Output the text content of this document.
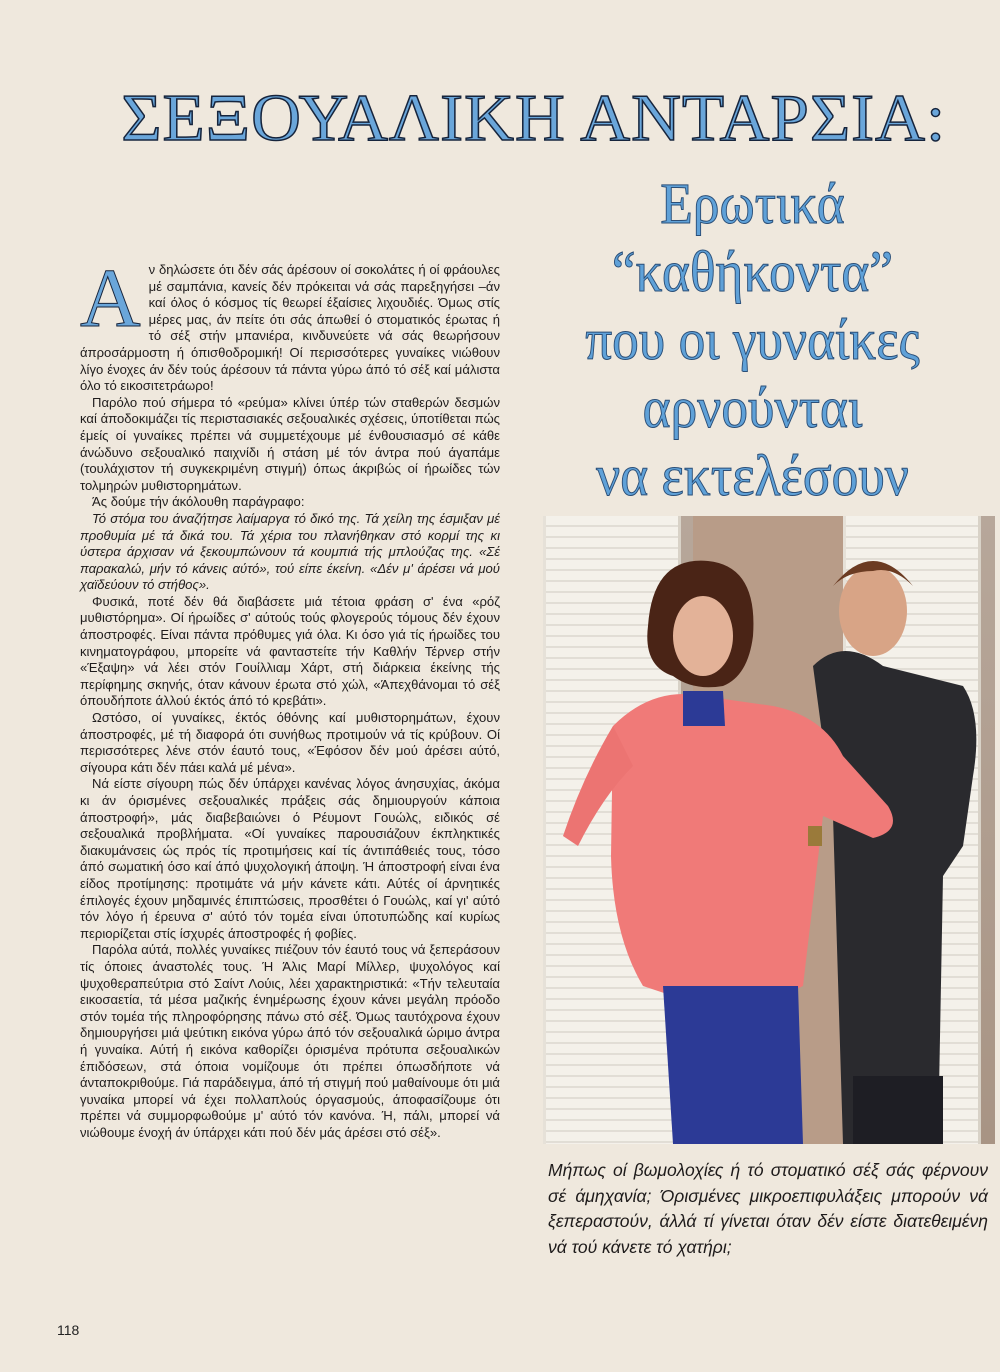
ΣΕΞΟΥΑΛΙΚΗ ΑΝΤΑΡΣΙΑ:
Ερωτικά
“καθήκοντα”
που οι γυναίκες
αρνούνται
να εκτελέσουν
Α ν δηλώσετε ότι δέν σάς άρέσουν οί σοκολάτες ή οί φράουλες μέ σαμπάνια, κανείς δέν πρόκειται νά σάς παρεξηγήσει –άν καί όλος ό κόσμος τίς θεωρεί έξαίσιες λιχουδιές. Όμως στίς μέρες μας, άν πείτε ότι σάς άπωθεί ό στοματικός έρωτας ή τό σέξ στήν μπανιέρα, κινδυνεύετε νά σάς θεωρήσουν άπροσάρμοστη ή όπισθοδρομική! Οί περισσότερες γυναίκες νιώθουν λίγο ένοχες άν δέν τούς άρέσουν τά πάντα γύρω άπό τό σέξ καί μάλιστα όλο τό εικοσιτετράωρο!

Παρόλο πού σήμερα τό «ρεύμα» κλίνει ύπέρ τών σταθερών δεσμών καί άποδοκιμάζει τίς περιστασιακές σεξουαλικές σχέσεις, ύποτίθεται πώς έμείς οί γυναίκες πρέπει νά συμμετέχουμε μέ ένθουσιασμό σέ κάθε άνώδυνο σεξουαλικό παιχνίδι ή στάση μέ τόν άντρα πού άγαπάμε (τουλάχιστον τή συγκεκριμένη στιγμή) όπως άκριβώς οί ήρωίδες τών τολμηρών μυθιστορημάτων.

Άς δούμε τήν άκόλουθη παράγραφο:

Τό στόμα του άναζήτησε λαίμαργα τό δικό της. Τά χείλη της έσμιξαν μέ προθυμία μέ τά δικά του. Τά χέρια του πλανήθηκαν στό κορμί της κι ύστερα άρχισαν νά ξεκουμπώνουν τά κουμπιά τής μπλούζας της. «Σέ παρακαλώ, μήν τό κάνεις αύτό», τού είπε έκείνη. «Δέν μ' άρέσει νά μού χαϊδεύουν τό στήθος».

Φυσικά, ποτέ δέν θά διαβάσετε μιά τέτοια φράση σ' ένα «ρόζ μυθιστόρημα». Οί ήρωίδες σ' αύτούς τούς φλογερούς τόμους δέν έχουν άποστροφές. Είναι πάντα πρόθυμες γιά όλα. Κι όσο γιά τίς ήρωίδες του κινηματογράφου, μπορείτε νά φανταστείτε τήν Καθλήν Τέρνερ στήν «Έξαψη» νά λέει στόν Γουίλλιαμ Χάρτ, στή διάρκεια έκείνης τής περίφημης σκηνής, όταν κάνουν έρωτα στό χώλ, «Άπεχθάνομαι τό σέξ όπουδήποτε άλλού έκτός άπό τό κρεβάτι».

Ωστόσο, οί γυναίκες, έκτός όθόνης καί μυθιστορημάτων, έχουν άποστροφές, μέ τή διαφορά ότι συνήθως προτιμούν νά τίς κρύβουν. Οί περισσότερες λένε στόν έαυτό τους, «Έφόσον δέν μού άρέσει αύτό, σίγουρα κάτι δέν πάει καλά μέ μένα».

Νά είστε σίγουρη πώς δέν ύπάρχει κανένας λόγος άνησυχίας, άκόμα κι άν όρισμένες σεξουαλικές πράξεις σάς δημιουργούν κάποια άποστροφή», μάς διαβεβαιώνει ό Ρέυμοντ Γουώλς, ειδικός σέ σεξουαλικά προβλήματα. «Οί γυναίκες παρουσιάζουν έκπληκτικές διακυμάνσεις ώς πρός τίς προτιμήσεις καί τίς άντιπάθειές τους, τόσο άπό σωματική όσο καί άπό ψυχολογική άποψη. Ή άποστροφή είναι ένα είδος προτίμησης: προτιμάτε νά μήν κάνετε κάτι. Αύτές οί άρνητικές έπιλογές έχουν μηδαμινές έπιπτώσεις, προσθέτει ό Γουώλς, καί γι' αύτό τόν λόγο ή έρευνα σ' αύτό τόν τομέα είναι ύποτυπώδης καί κυρίως περιορίζεται στίς ίσχυρές άποστροφές ή φοβίες.

Παρόλα αύτά, πολλές γυναίκες πιέζουν τόν έαυτό τους νά ξεπεράσουν τίς όποιες άναστολές τους. Ή Άλις Μαρί Μίλλερ, ψυχολόγος καί ψυχοθεραπεύτρια στό Σαίντ Λούις, λέει χαρακτηριστικά: «Τήν τελευταία εικοσαετία, τά μέσα μαζικής ένημέρωσης έχουν κάνει μεγάλη πρόοδο στόν τομέα τής πληροφόρησης πάνω στό σέξ. Όμως ταυτόχρονα έχουν δημιουργήσει μιά ψεύτικη εικόνα γύρω άπό τόν σεξουαλικά ώριμο άντρα ή γυναίκα. Αύτή ή εικόνα καθορίζει όρισμένα πρότυπα σεξουαλικών έπιδόσεων, στά όποια νομίζουμε ότι πρέπει όπωσδήποτε νά άνταποκριθούμε. Γιά παράδειγμα, άπό τή στιγμή πού μαθαίνουμε ότι μιά γυναίκα μπορεί νά έχει πολλαπλούς όργασμούς, άποφασίζουμε ότι πρέπει νά συμμορφωθούμε μ' αύτό τόν κανόνα. Ή, πάλι, μπορεί νά νιώθουμε ένοχή άν ύπάρχει κάτι πού δέν μάς άρέσει στό σέξ».

Μήπως οί βωμολοχίες ή τό στοματικό σέξ σάς φέρνουν σέ άμηχανία; Όρισμένες μικροεπιφυλάξεις μπορούν νά ξεπεραστούν, άλλά τί γίνεται όταν δέν είστε διατεθειμένη νά τού κάνετε τό χατήρι;
118
